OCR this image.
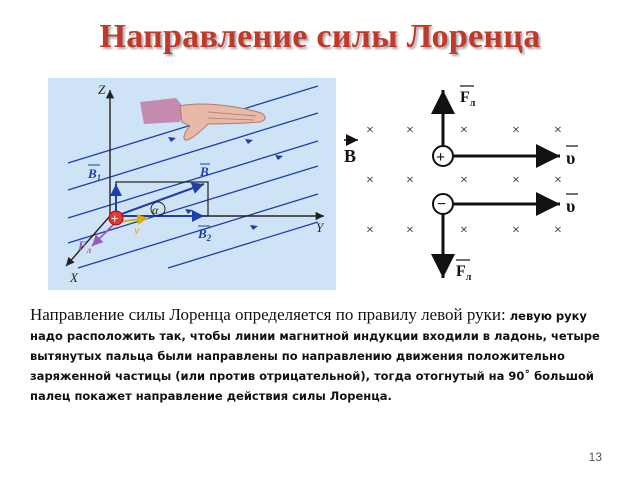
Направление силы Лоренца
Z
Y
X
$B_1$	B
$B_2$
α
v
$F_л$
+
× ×	×	× ×
× ×	×	× ×
× ×	×	× ×
B	+
$F_л$
υ
−
$F_л$
υ
Направление силы Лоренца определяется по правилу левой руки: левую руку надо расположить так, чтобы линии магнитной индукции входили в ладонь, четыре вытянутых пальца были направлены по направлению движения положительно заряженной частицы (или против отрицательной), тогда отогнутый на 90˚ большой палец покажет направление действия силы Лоренца.
13
